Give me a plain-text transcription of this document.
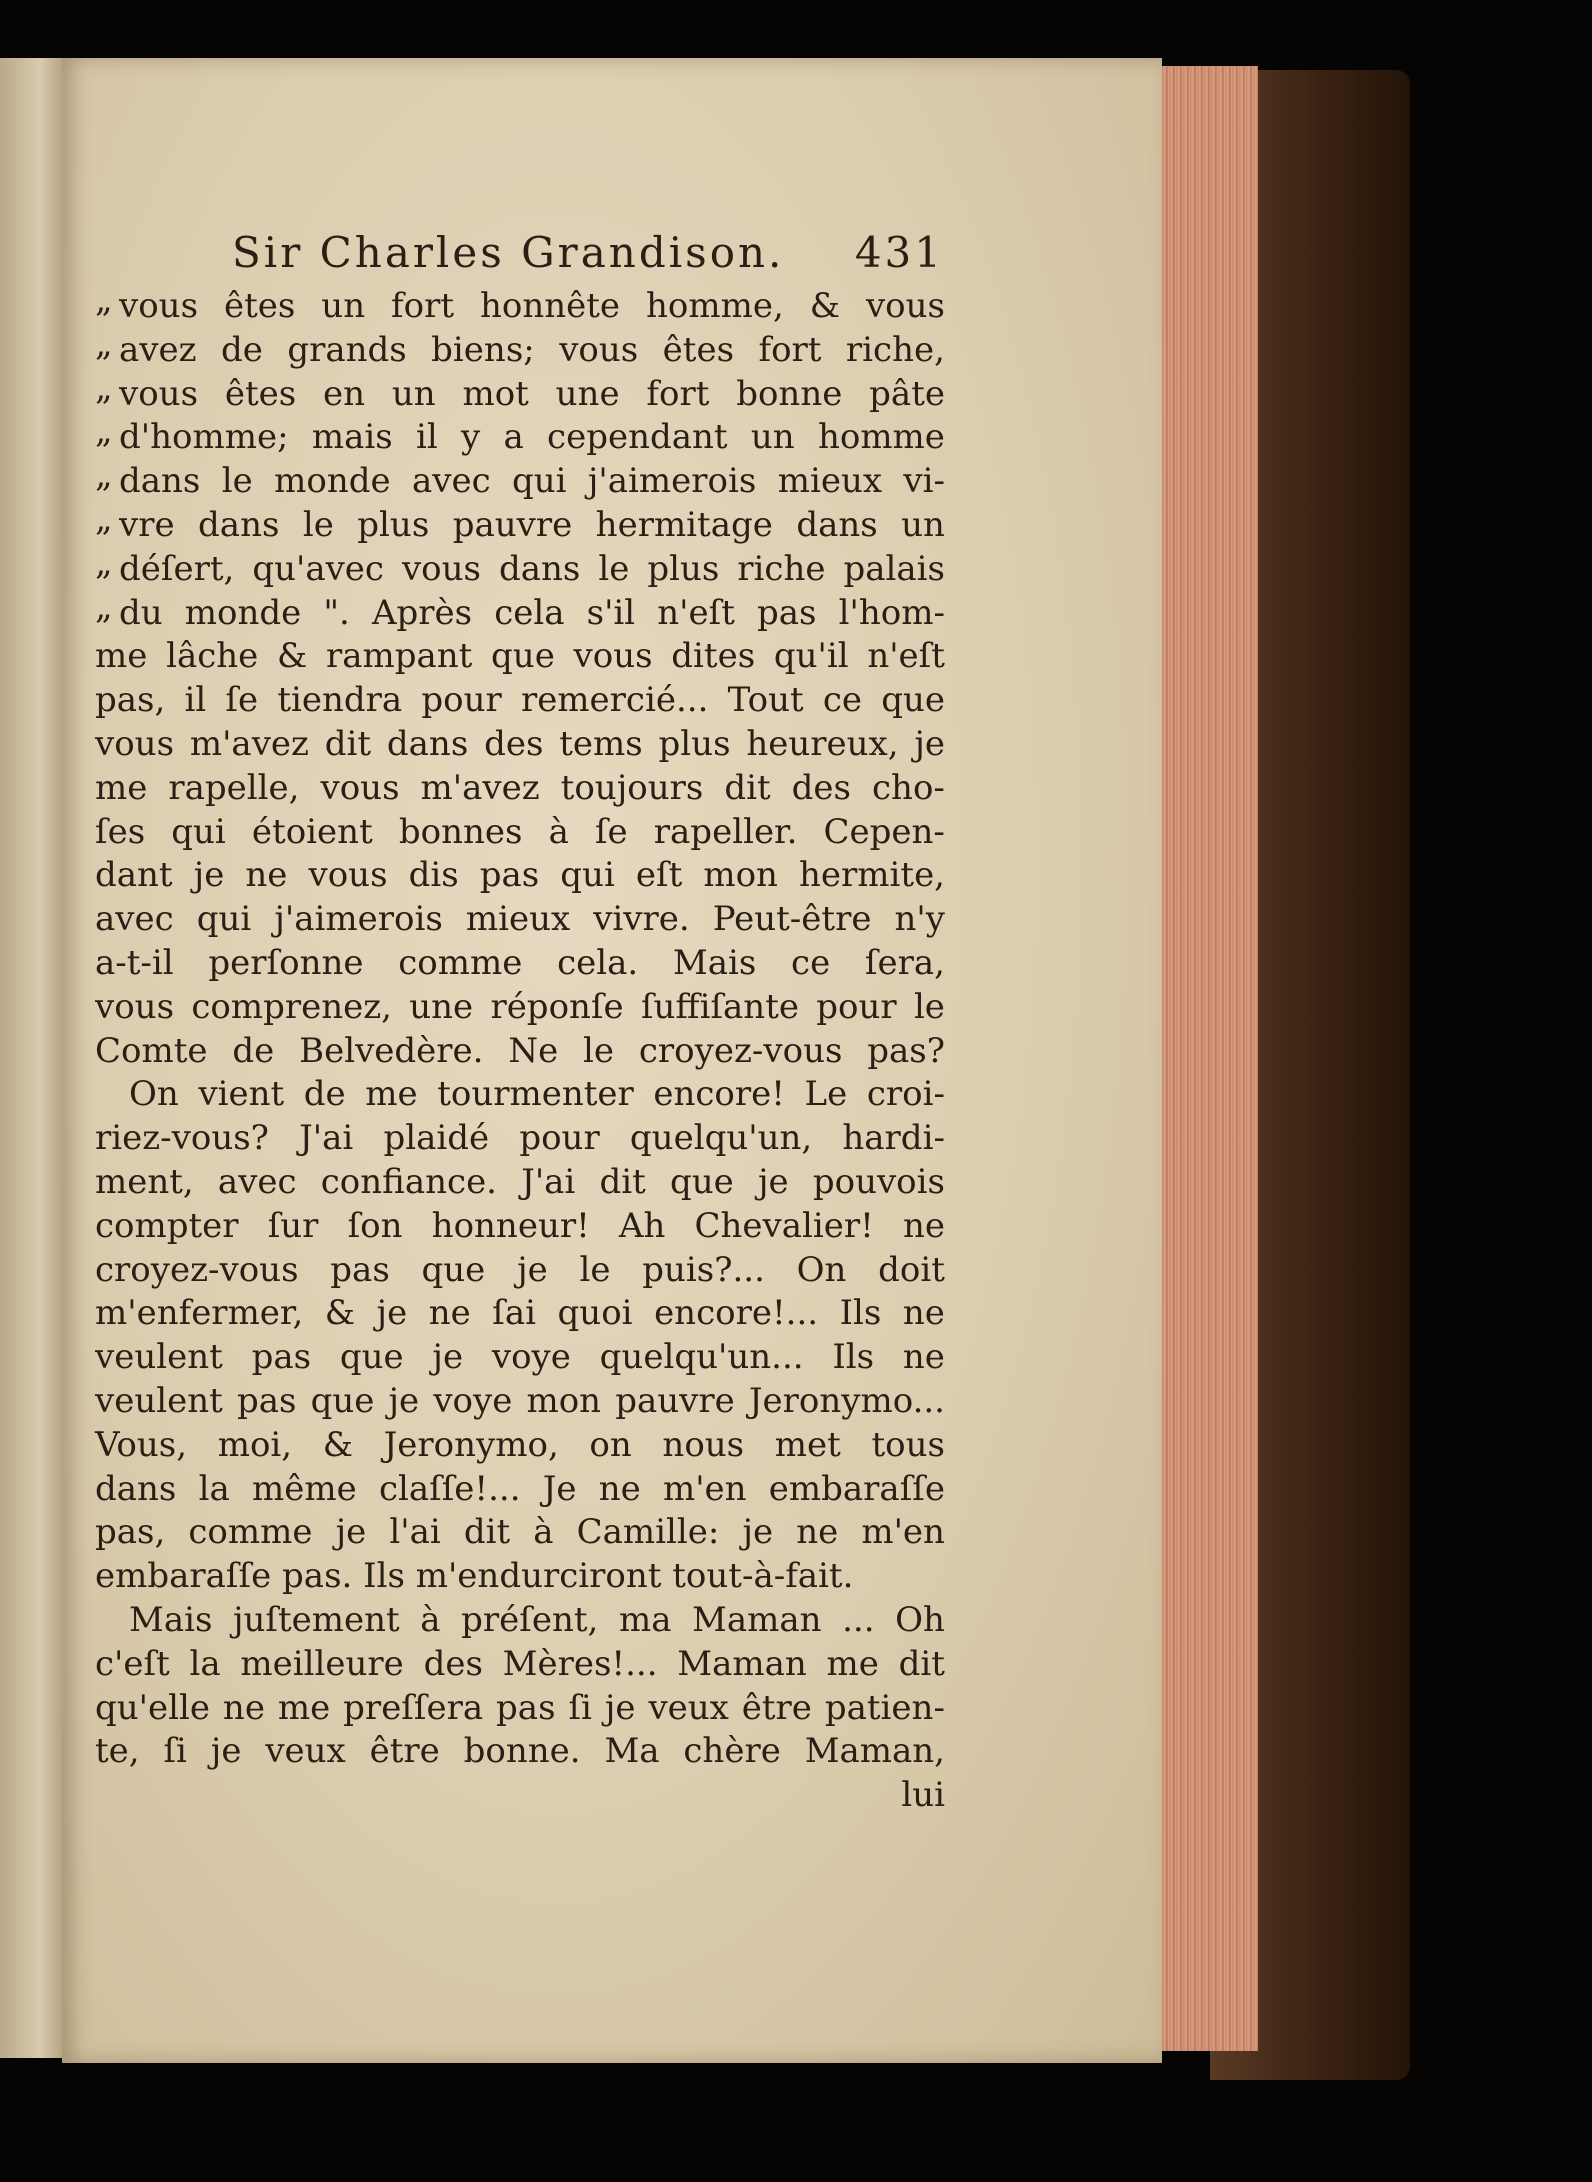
Sir Charles Grandison. 431
„ vous êtes un fort honnête homme, & vous
„ avez de grands biens; vous êtes fort riche,
„ vous êtes en un mot une fort bonne pâte
„ d'homme; mais il y a cependant un homme
„ dans le monde avec qui j'aimerois mieux vi-
„ vre dans le plus pauvre hermitage dans un
„ déſert, qu'avec vous dans le plus riche palais
„ du monde ". Après cela s'il n'eſt pas l'hom-
me lâche & rampant que vous dites qu'il n'eſt
pas, il ſe tiendra pour remercié... Tout ce que
vous m'avez dit dans des tems plus heureux, je
me rapelle, vous m'avez toujours dit des cho-
ſes qui étoient bonnes à ſe rapeller. Cepen-
dant je ne vous dis pas qui eſt mon hermite,
avec qui j'aimerois mieux vivre. Peut-être n'y
a-t-il perſonne comme cela. Mais ce ſera,
vous comprenez, une réponſe ſuffiſante pour le
Comte de Belvedère. Ne le croyez-vous pas?
On vient de me tourmenter encore! Le croi-
riez-vous? J'ai plaidé pour quelqu'un, hardi-
ment, avec confiance. J'ai dit que je pouvois
compter ſur ſon honneur! Ah Chevalier! ne
croyez-vous pas que je le puis?... On doit
m'enfermer, & je ne ſai quoi encore!... Ils ne
veulent pas que je voye quelqu'un... Ils ne
veulent pas que je voye mon pauvre Jeronymo...
Vous, moi, & Jeronymo, on nous met tous
dans la même claſſe!... Je ne m'en embaraſſe
pas, comme je l'ai dit à Camille: je ne m'en
embaraſſe
pas.
Ils
m'endurciront
tout-à-fait.
Mais juſtement à préſent, ma Maman ... Oh
c'eſt la meilleure des Mères!... Maman me dit
qu'elle ne me preſſera pas ſi je veux être patien-
te, ſi je veux être bonne. Ma chère Maman,
lui
